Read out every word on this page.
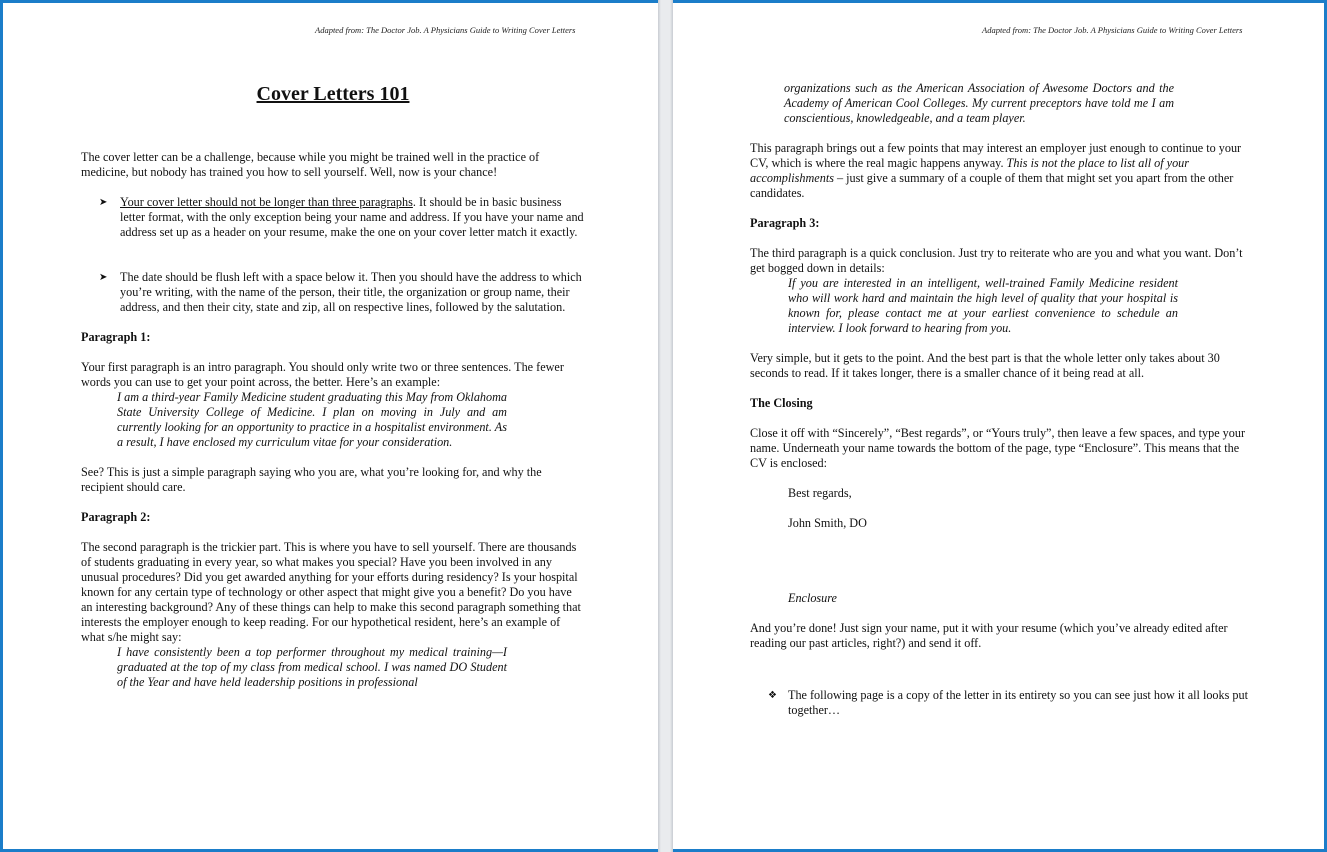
Adapted from: The Doctor Job. A Physicians Guide to Writing Cover Letters

Cover Letters 101

The cover letter can be a challenge, because while you might be trained well in the practice of medicine, but nobody has trained you how to sell yourself. Well, now is your chance!

➤ Your cover letter should not be longer than three paragraphs. It should be in basic business letter format, with the only exception being your name and address. If you have your name and address set up as a header on your resume, make the one on your cover letter match it exactly.
➤ The date should be flush left with a space below it. Then you should have the address to which you’re writing, with the name of the person, their title, the organization or group name, their address, and then their city, state and zip, all on respective lines, followed by the salutation.

Paragraph 1:

Your first paragraph is an intro paragraph. You should only write two or three sentences. The fewer words you can use to get your point across, the better. Here’s an example:

I am a third-year Family Medicine student graduating this May from Oklahoma State University College of Medicine. I plan on moving in July and am currently looking for an opportunity to practice in a hospitalist environment. As a result, I have enclosed my curriculum vitae for your consideration.

See? This is just a simple paragraph saying who you are, what you’re looking for, and why the recipient should care.

Paragraph 2:

The second paragraph is the trickier part. This is where you have to sell yourself. There are thousands of students graduating in every year, so what makes you special? Have you been involved in any unusual procedures? Did you get awarded anything for your efforts during residency? Is your hospital known for any certain type of technology or other aspect that might give you a benefit? Do you have an interesting background? Any of these things can help to make this second paragraph something that interests the employer enough to keep reading. For our hypothetical resident, here’s an example of what s/he might say:

I have consistently been a top performer throughout my medical training—I graduated at the top of my class from medical school. I was named DO Student of the Year and have held leadership positions in professional

Adapted from: The Doctor Job. A Physicians Guide to Writing Cover Letters

organizations such as the American Association of Awesome Doctors and the Academy of American Cool Colleges. My current preceptors have told me I am conscientious, knowledgeable, and a team player.

This paragraph brings out a few points that may interest an employer just enough to continue to your CV, which is where the real magic happens anyway. This is not the place to list all of your accomplishments – just give a summary of a couple of them that might set you apart from the other candidates.

Paragraph 3:

The third paragraph is a quick conclusion. Just try to reiterate who are you and what you want. Don’t get bogged down in details:

If you are interested in an intelligent, well-trained Family Medicine resident who will work hard and maintain the high level of quality that your hospital is known for, please contact me at your earliest convenience to schedule an interview. I look forward to hearing from you.

Very simple, but it gets to the point. And the best part is that the whole letter only takes about 30 seconds to read. If it takes longer, there is a smaller chance of it being read at all.

The Closing

Close it off with “Sincerely”, “Best regards”, or “Yours truly”, then leave a few spaces, and type your name. Underneath your name towards the bottom of the page, type “Enclosure”. This means that the CV is enclosed:

Best regards,

John Smith, DO

Enclosure

And you’re done! Just sign your name, put it with your resume (which you’ve already edited after reading our past articles, right?) and send it off.

❖ The following page is a copy of the letter in its entirety so you can see just how it all looks put together…
